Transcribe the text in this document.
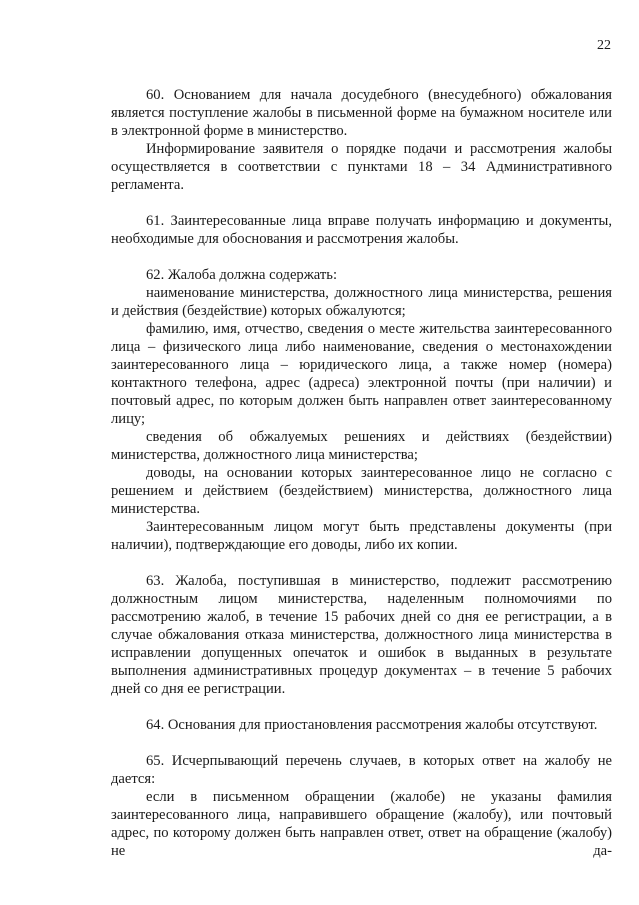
22

60. Основанием для начала досудебного (внесудебного) обжалования является поступление жалобы в письменной форме на бумажном носителе или в электронной форме в министерство.

Информирование заявителя о порядке подачи и рассмотрения жалобы осуществляется в соответствии с пунктами 18 – 34 Административного регламента.

61. Заинтересованные лица вправе получать информацию и документы, необходимые для обоснования и рассмотрения жалобы.

62. Жалоба должна содержать:

наименование министерства, должностного лица министерства, решения и действия (бездействие) которых обжалуются;

фамилию, имя, отчество, сведения о месте жительства заинтересованного лица – физического лица либо наименование, сведения о местонахождении заинтересованного лица – юридического лица, а также номер (номера) контактного телефона, адрес (адреса) электронной почты (при наличии) и почтовый адрес, по которым должен быть направлен ответ заинтересованному лицу;

сведения об обжалуемых решениях и действиях (бездействии) министерства, должностного лица министерства;

доводы, на основании которых заинтересованное лицо не согласно с решением и действием (бездействием) министерства, должностного лица министерства.

Заинтересованным лицом могут быть представлены документы (при наличии), подтверждающие его доводы, либо их копии.

63. Жалоба, поступившая в министерство, подлежит рассмотрению должностным лицом министерства, наделенным полномочиями по рассмотрению жалоб, в течение 15 рабочих дней со дня ее регистрации, а в случае обжалования отказа министерства, должностного лица министерства в исправлении допущенных опечаток и ошибок в выданных в результате выполнения административных процедур документах – в течение 5 рабочих дней со дня ее регистрации.

64. Основания для приостановления рассмотрения жалобы отсутствуют.

65. Исчерпывающий перечень случаев, в которых ответ на жалобу не дается:

если в письменном обращении (жалобе) не указаны фамилия заинтересованного лица, направившего обращение (жалобу), или почтовый адрес, по которому должен быть направлен ответ, ответ на обращение (жалобу) не да-
